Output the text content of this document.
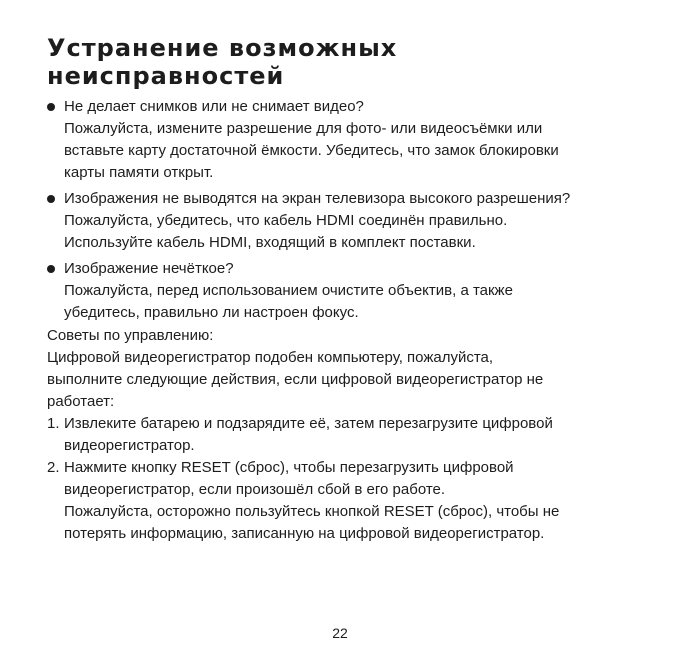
Устранение возможных
неисправностей
Не делает снимков или не снимает видео?
Пожалуйста, измените разрешение для фото- или видеосъёмки или
вставьте карту достаточной ёмкости. Убедитесь, что замок блокировки
карты памяти открыт.
Изображения не выводятся на экран телевизора высокого разрешения?
Пожалуйста, убедитесь, что кабель HDMI соединён правильно.
Используйте кабель HDMI, входящий в комплект поставки.
Изображение нечёткое?
Пожалуйста, перед использованием очистите объектив, а также
убедитесь, правильно ли настроен фокус.
Советы по управлению:
Цифровой видеорегистратор подобен компьютеру, пожалуйста,
выполните следующие действия, если цифровой видеорегистратор не
работает:
1. Извлеките батарею и подзарядите её, затем перезагрузите цифровой
видеорегистратор.
2. Нажмите кнопку RESET (сброс), чтобы перезагрузить цифровой
видеорегистратор, если произошёл сбой в его работе.
Пожалуйста, осторожно пользуйтесь кнопкой RESET (сброс), чтобы не
потерять информацию, записанную на цифровой видеорегистратор.
22
